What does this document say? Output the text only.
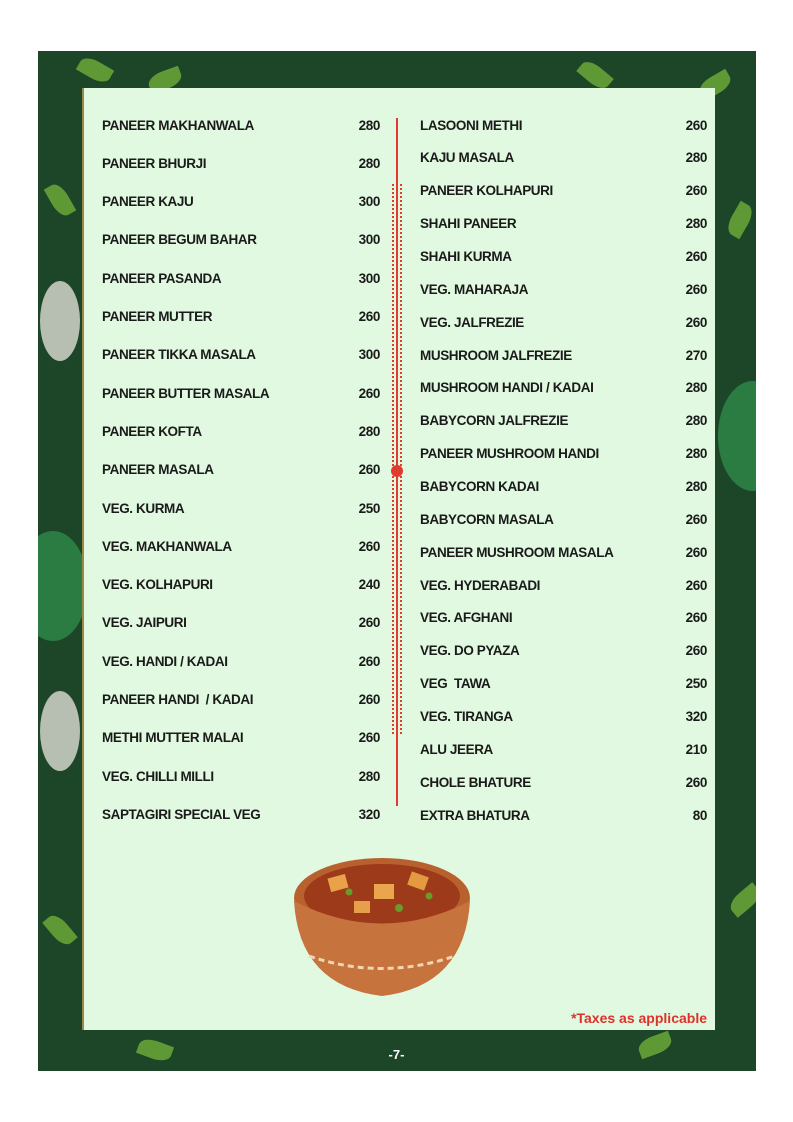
PANEER MAKHANWALA	280
PANEER BHURJI	280
PANEER KAJU	300
PANEER BEGUM BAHAR	300
PANEER PASANDA	300
PANEER MUTTER	260
PANEER TIKKA MASALA	300
PANEER BUTTER MASALA	260
PANEER KOFTA	280
PANEER MASALA	260
VEG. KURMA	250
VEG. MAKHANWALA	260
VEG. KOLHAPURI	240
VEG. JAIPURI	260
VEG. HANDI / KADAI	260
PANEER HANDI  / KADAI	260
METHI MUTTER MALAI	260
VEG. CHILLI MILLI	280
SAPTAGIRI SPECIAL VEG	320
LASOONI METHI	260
KAJU MASALA	280
PANEER KOLHAPURI	260
SHAHI PANEER	280
SHAHI KURMA	260
VEG. MAHARAJA	260
VEG. JALFREZIE	260
MUSHROOM JALFREZIE	270
MUSHROOM HANDI / KADAI	280
BABYCORN JALFREZIE	280
PANEER MUSHROOM HANDI	280
BABYCORN KADAI	280
BABYCORN MASALA	260
PANEER MUSHROOM MASALA	260
VEG. HYDERABADI	260
VEG. AFGHANI	260
VEG. DO PYAZA	260
VEG  TAWA	250
VEG. TIRANGA	320
ALU JEERA	210
CHOLE BHATURE	260
EXTRA BHATURA	80
*Taxes as applicable
-7-
